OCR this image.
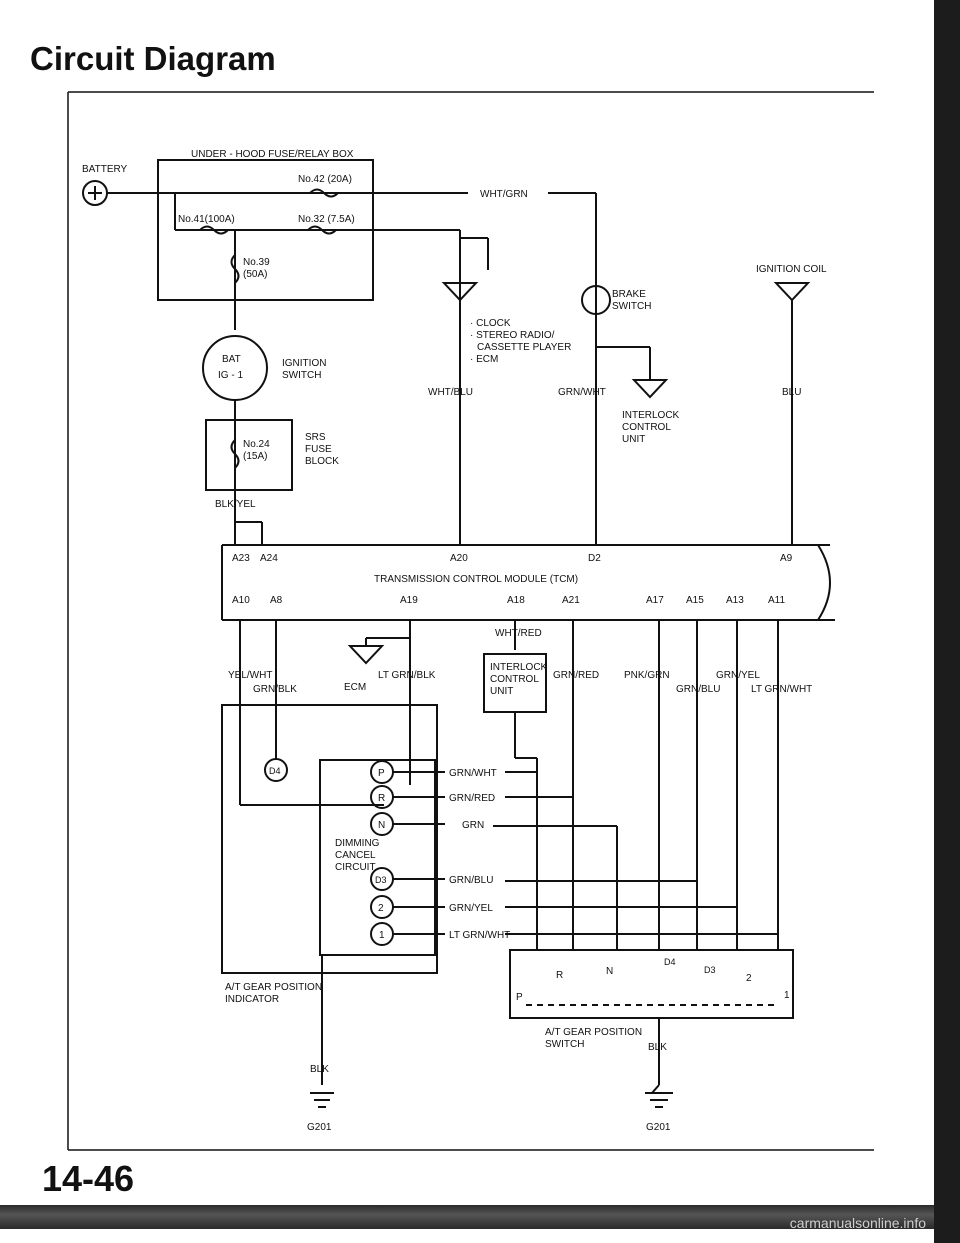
Circuit Diagram
14-46
carmanualsonline.info
BATTERY
UNDER - HOOD FUSE/RELAY BOX
No.42 (20A)
No.41(100A)	No.32 (7.5A)
No.39
(50A)
WHT/GRN
BAT
IG - 1
IGNITION
SWITCH
No.24
(15A)
SRS
FUSE
BLOCK
BLK/YEL
· CLOCK
· STEREO RADIO/
CASSETTE PLAYER
· ECM
BRAKE
SWITCH
IGNITION COIL
WHT/BLU	GRN/WHT	BLU
INTERLOCK
CONTROL
UNIT
A23 A24	A20	D2	A9
TRANSMISSION CONTROL MODULE (TCM)
A10 A8	A19	A18	A21	A17 A15 A13 A11
WHT/RED
INTERLOCK
CONTROL
UNIT
YEL/WHT
GRN/BLK	ECM
LT GRN/BLK	GRN/RED PNK/GRN	GRN/YEL
GRN/BLU	LT GRN/WHT
D4	P
R
N
D3
2
1
DIMMING
CANCEL
CIRCUIT
GRN/WHT
GRN/RED
GRN
GRN/BLU
GRN/YEL
LT GRN/WHT
A/T GEAR POSITION
INDICATOR	P
R	N
D4
D3
2
1
A/T GEAR POSITION
SWITCH
BLK
BLK
G201	G201
